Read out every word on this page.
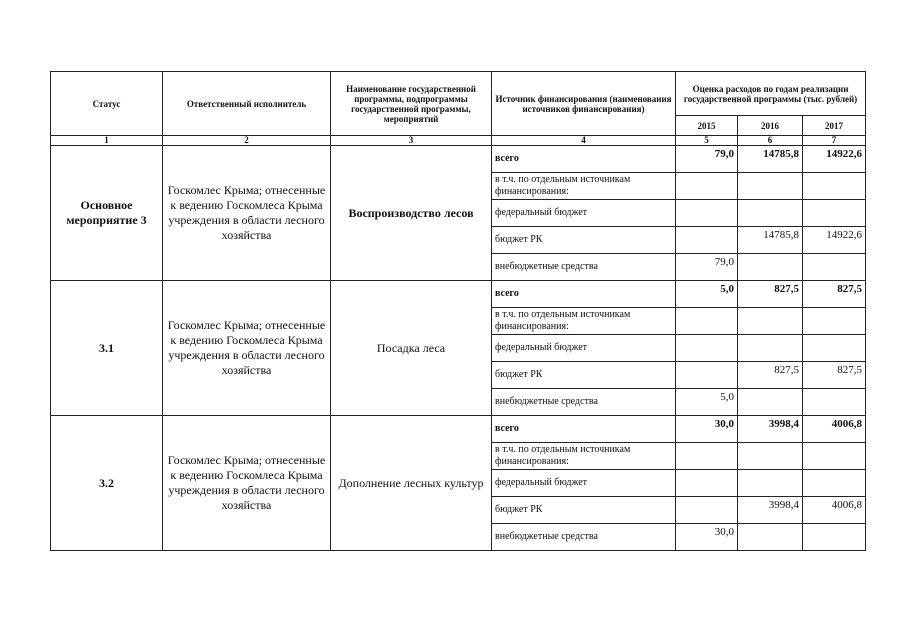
Статус	Ответственный исполнитель	Наименование государственной программы, подпрограммы государственной программы, мероприятий	Источник финансирования (наименования источников финансирования)	Оценка расходов по годам реализации государственной программы (тыс. рублей)		
				2015	2016	2017
1	2	3	4	5	6	7
Основное мероприятие 3	Госкомлес Крыма; отнесенные к ведению Госкомлеса Крыма учреждения в области лесного хозяйства	Воспроизводство лесов	всего	79,0	14785,8	14922,6
			в т.ч. по отдельным источникам финансирования:			
			федеральный бюджет			
			бюджет РК		14785,8	14922,6
			внебюджетные средства	79,0		
3.1	Госкомлес Крыма; отнесенные к ведению Госкомлеса Крыма учреждения в области лесного хозяйства	Посадка леса	всего	5,0	827,5	827,5
			в т.ч. по отдельным источникам финансирования:			
			федеральный бюджет			
			бюджет РК		827,5	827,5
			внебюджетные средства	5,0		
3.2	Госкомлес Крыма; отнесенные к ведению Госкомлеса Крыма учреждения в области лесного хозяйства	Дополнение лесных культур	всего	30,0	3998,4	4006,8
			в т.ч. по отдельным источникам финансирования:			
			федеральный бюджет			
			бюджет РК		3998,4	4006,8
			внебюджетные средства	30,0		
